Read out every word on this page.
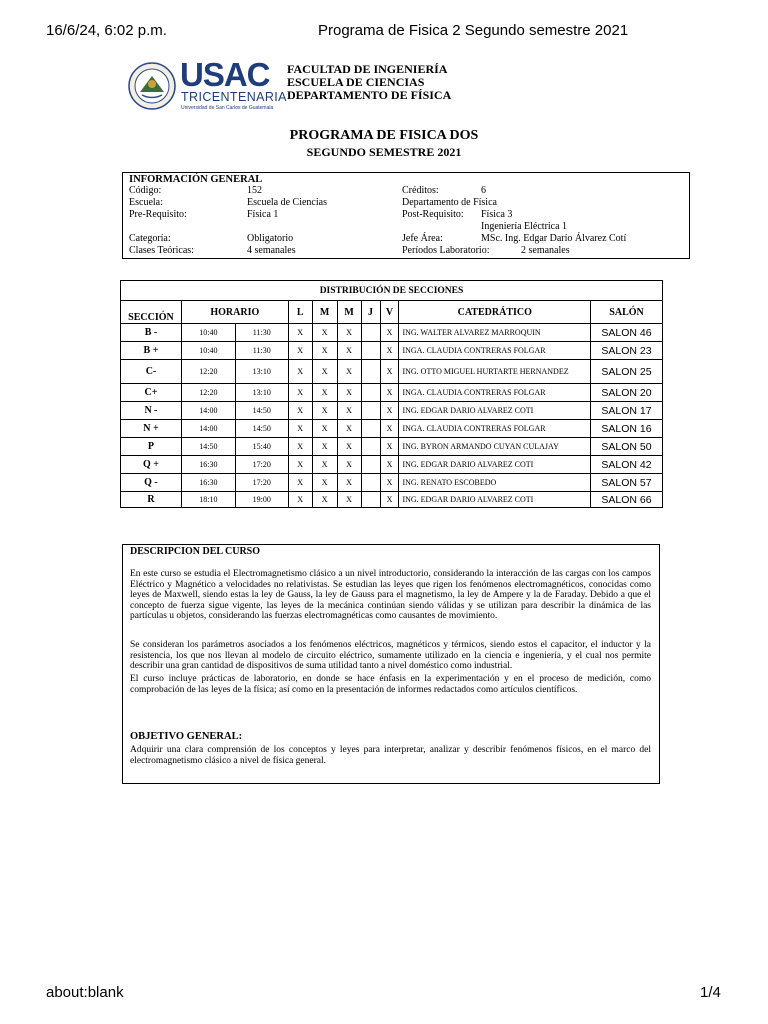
16/6/24, 6:02 p.m.	Programa de Fisica 2 Segundo semestre 2021
USAC
TRICENTENARIA
Universidad de San Carlos de Guatemala
FACULTAD DE INGENIERÍA
ESCUELA DE CIENCIAS
DEPARTAMENTO DE FÍSICA
PROGRAMA DE FISICA DOS
SEGUNDO SEMESTRE 2021
INFORMACIÓN GENERAL
Código:	152
Escuela:	Escuela de Ciencias
Pre-Requisito:	Física 1
Categoría:	Obligatorio
Clases Teóricas:	4 semanales
Créditos:	6
Departamento de Física
Post-Requisito: Física 3
Ingeniería Eléctrica 1
Jefe Área:	MSc. Ing. Edgar Darío Álvarez Cotí
Períodos Laboratorio:	2 semanales
DISTRIBUCIÓN DE SECCIONES									
SECCIÓN	HORARIO		L	M	M	J	V	CATEDRÁTICO	SALÓN
B -	10:40	11:30	X	X	X		X	ING. WALTER ALVAREZ MARROQUIN	SALON 46
B +	10:40	11:30	X	X	X		X	INGA. CLAUDIA CONTRERAS FOLGAR	SALON 23
C-	12:20	13:10	X	X	X		X	ING. OTTO MIGUEL HURTARTE HERNANDEZ	SALON 25
C+	12:20	13:10	X	X	X		X	INGA. CLAUDIA CONTRERAS FOLGAR	SALON 20
N -	14:00	14:50	X	X	X		X	ING. EDGAR DARIO ALVAREZ COTI	SALON 17
N +	14:00	14:50	X	X	X		X	INGA. CLAUDIA CONTRERAS FOLGAR	SALON 16
P	14:50	15:40	X	X	X		X	ING. BYRON ARMANDO CUYAN CULAJAY	SALON 50
Q +	16:30	17:20	X	X	X		X	ING. EDGAR DARIO ALVAREZ COTI	SALON 42
Q -	16:30	17:20	X	X	X		X	ING. RENATO ESCOBEDO	SALON 57
R	18:10	19:00	X	X	X		X	ING. EDGAR DARIO ALVAREZ COTI	SALON 66
DESCRIPCION DEL CURSO
En este curso se estudia el Electromagnetismo clásico a un nivel introductorio, considerando la interacción de las cargas con los campos Eléctrico y Magnético a velocidades no relativistas. Se estudian las leyes que rigen los fenómenos electromagnéticos, conocidas como leyes de Maxwell, siendo estas la ley de Gauss, la ley de Gauss para el magnetismo, la ley de Ampere y la de Faraday. Debido a que el concepto de fuerza sigue vigente, las leyes de la mecánica continúan siendo válidas y se utilizan para describir la dinámica de las partículas u objetos, considerando las fuerzas electromagnéticas como causantes de movimiento.
Se consideran los parámetros asociados a los fenómenos eléctricos, magnéticos y térmicos, siendo estos el capacitor, el inductor y la resistencia, los que nos llevan al modelo de circuito eléctrico, sumamente utilizado en la ciencia e ingeniería, y el cual nos permite describir una gran cantidad de dispositivos de suma utilidad tanto a nivel doméstico como industrial.
El curso incluye prácticas de laboratorio, en donde se hace énfasis en la experimentación y en el proceso de medición, como comprobación de las leyes de la física; así como en la presentación de informes redactados como artículos científicos.
OBJETIVO GENERAL:
Adquirir una clara comprensión de los conceptos y leyes para interpretar, analizar y describir fenómenos físicos, en el marco del electromagnetismo clásico a nivel de física general.
about:blank	1/4
